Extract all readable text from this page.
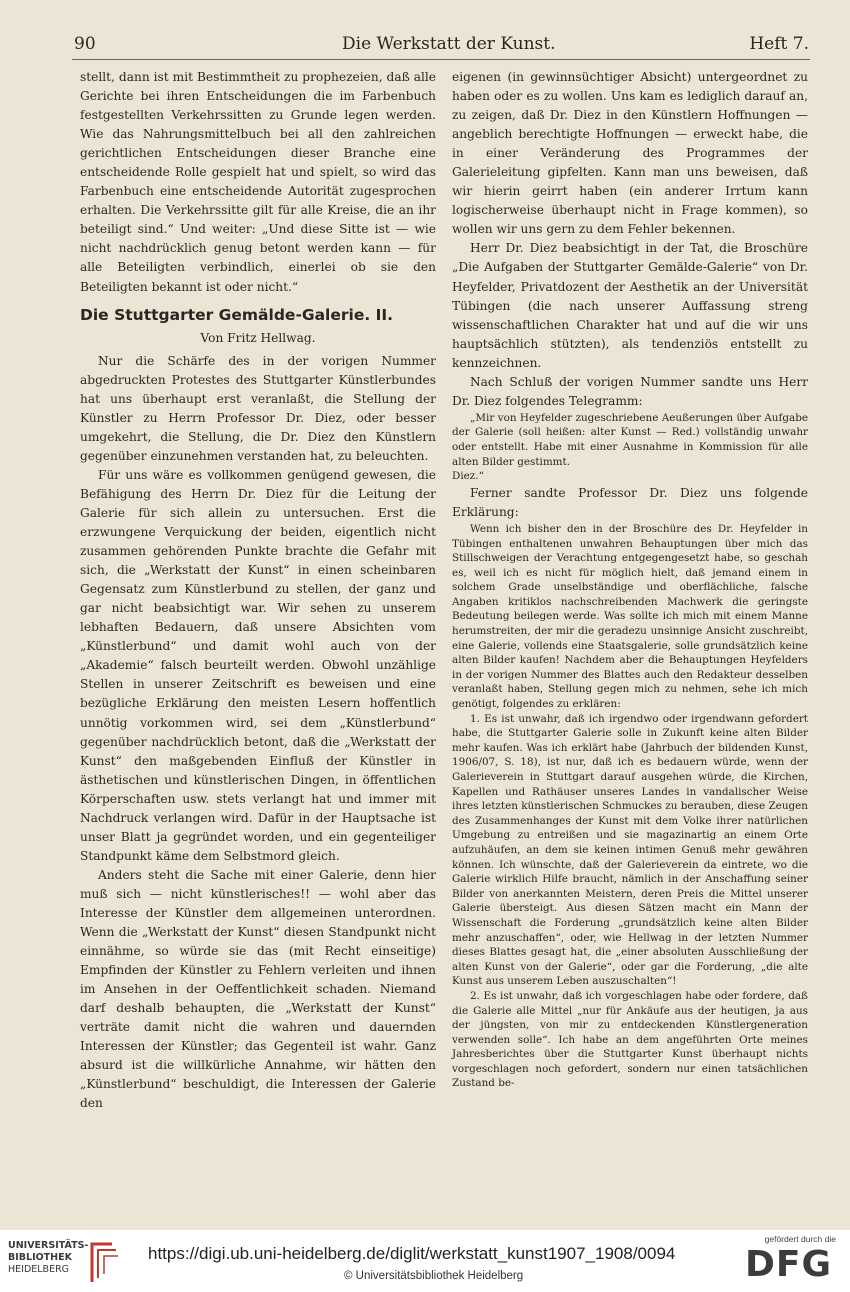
90	Die Werkstatt der Kunst.	Heft 7.

stellt, dann ist mit Bestimmtheit zu prophezeien, daß alle Gerichte bei ihren Entscheidungen die im Farbenbuch festgestellten Verkehrssitten zu Grunde legen werden. Wie das Nahrungsmittelbuch bei all den zahlreichen gerichtlichen Entscheidungen dieser Branche eine entscheidende Rolle gespielt hat und spielt, so wird das Farbenbuch eine entscheidende Autorität zugesprochen erhalten. Die Verkehrssitte gilt für alle Kreise, die an ihr beteiligt sind.“ Und weiter: „Und diese Sitte ist — wie nicht nachdrücklich genug betont werden kann — für alle Beteiligten verbindlich, einerlei ob sie den Beteiligten bekannt ist oder nicht.“

Die Stuttgarter Gemälde-Galerie. II.
Von Fritz Hellwag.

Nur die Schärfe des in der vorigen Nummer abgedruckten Protestes des Stuttgarter Künstlerbundes hat uns überhaupt erst veranlaßt, die Stellung der Künstler zu Herrn Professor Dr. Diez, oder besser umgekehrt, die Stellung, die Dr. Diez den Künstlern gegenüber einzunehmen verstanden hat, zu beleuchten.

Für uns wäre es vollkommen genügend gewesen, die Befähigung des Herrn Dr. Diez für die Leitung der Galerie für sich allein zu untersuchen. Erst die erzwungene Verquickung der beiden, eigentlich nicht zusammen gehörenden Punkte brachte die Gefahr mit sich, die „Werkstatt der Kunst“ in einen scheinbaren Gegensatz zum Künstlerbund zu stellen, der ganz und gar nicht beabsichtigt war. Wir sehen zu unserem lebhaften Bedauern, daß unsere Absichten vom „Künstlerbund“ und damit wohl auch von der „Akademie“ falsch beurteilt werden. Obwohl unzählige Stellen in unserer Zeitschrift es beweisen und eine bezügliche Erklärung den meisten Lesern hoffentlich unnötig vorkommen wird, sei dem „Künstlerbund“ gegenüber nachdrücklich betont, daß die „Werkstatt der Kunst“ den maßgebenden Einfluß der Künstler in ästhetischen und künstlerischen Dingen, in öffentlichen Körperschaften usw. stets verlangt hat und immer mit Nachdruck verlangen wird. Dafür in der Hauptsache ist unser Blatt ja gegründet worden, und ein gegenteiliger Standpunkt käme dem Selbstmord gleich.

Anders steht die Sache mit einer Galerie, denn hier muß sich — nicht künstlerisches!! — wohl aber das Interesse der Künstler dem allgemeinen unterordnen. Wenn die „Werkstatt der Kunst“ diesen Standpunkt nicht einnähme, so würde sie das (mit Recht einseitige) Empfinden der Künstler zu Fehlern verleiten und ihnen im Ansehen in der Oeffentlichkeit schaden. Niemand darf deshalb behaupten, die „Werkstatt der Kunst“ verträte damit nicht die wahren und dauernden Interessen der Künstler; das Gegenteil ist wahr. Ganz absurd ist die willkürliche Annahme, wir hätten den „Künstlerbund“ beschuldigt, die Interessen der Galerie den

eigenen (in gewinnsüchtiger Absicht) untergeordnet zu haben oder es zu wollen. Uns kam es lediglich darauf an, zu zeigen, daß Dr. Diez in den Künstlern Hoffnungen — angeblich berechtigte Hoffnungen — erweckt habe, die in einer Veränderung des Programmes der Galerieleitung gipfelten. Kann man uns beweisen, daß wir hierin geirrt haben (ein anderer Irrtum kann logischerweise überhaupt nicht in Frage kommen), so wollen wir uns gern zu dem Fehler bekennen.

Herr Dr. Diez beabsichtigt in der Tat, die Broschüre „Die Aufgaben der Stuttgarter Gemälde-Galerie“ von Dr. Heyfelder, Privatdozent der Aesthetik an der Universität Tübingen (die nach unserer Auffassung streng wissenschaftlichen Charakter hat und auf die wir uns hauptsächlich stützten), als tendenziös entstellt zu kennzeichnen.

Nach Schluß der vorigen Nummer sandte uns Herr Dr. Diez folgendes Telegramm:

„Mir von Heyfelder zugeschriebene Aeußerungen über Aufgabe der Galerie (soll heißen: alter Kunst — Red.) vollständig unwahr oder entstellt. Habe mit einer Ausnahme in Kommission für alle alten Bilder gestimmt.

Diez.“

Ferner sandte Professor Dr. Diez uns folgende Erklärung:

Wenn ich bisher den in der Broschüre des Dr. Heyfelder in Tübingen enthaltenen unwahren Behauptungen über mich das Stillschweigen der Verachtung entgegengesetzt habe, so geschah es, weil ich es nicht für möglich hielt, daß jemand einem in solchem Grade unselbständige und oberflächliche, falsche Angaben kritiklos nachschreibenden Machwerk die geringste Bedeutung beilegen werde. Was sollte ich mich mit einem Manne herumstreiten, der mir die geradezu unsinnige Ansicht zuschreibt, eine Galerie, vollends eine Staatsgalerie, solle grundsätzlich keine alten Bilder kaufen! Nachdem aber die Behauptungen Heyfelders in der vorigen Nummer des Blattes auch den Redakteur desselben veranlaßt haben, Stellung gegen mich zu nehmen, sehe ich mich genötigt, folgendes zu erklären:

1. Es ist unwahr, daß ich irgendwo oder irgendwann gefordert habe, die Stuttgarter Galerie solle in Zukunft keine alten Bilder mehr kaufen. Was ich erklärt habe (Jahrbuch der bildenden Kunst, 1906/07, S. 18), ist nur, daß ich es bedauern würde, wenn der Galerieverein in Stuttgart darauf ausgehen würde, die Kirchen, Kapellen und Rathäuser unseres Landes in vandalischer Weise ihres letzten künstlerischen Schmuckes zu berauben, diese Zeugen des Zusammenhanges der Kunst mit dem Volke ihrer natürlichen Umgebung zu entreißen und sie magazinartig an einem Orte aufzuhäufen, an dem sie keinen intimen Genuß mehr gewähren können. Ich wünschte, daß der Galerieverein da eintrete, wo die Galerie wirklich Hilfe braucht, nämlich in der Anschaffung seiner Bilder von anerkannten Meistern, deren Preis die Mittel unserer Galerie übersteigt. Aus diesen Sätzen macht ein Mann der Wissenschaft die Forderung „grundsätzlich keine alten Bilder mehr anzuschaffen“, oder, wie Hellwag in der letzten Nummer dieses Blattes gesagt hat, die „einer absoluten Ausschließung der alten Kunst von der Galerie“, oder gar die Forderung, „die alte Kunst aus unserem Leben auszuschalten“!

2. Es ist unwahr, daß ich vorgeschlagen habe oder fordere, daß die Galerie alle Mittel „nur für Ankäufe aus der heutigen, ja aus der jüngsten, von mir zu entdeckenden Künstlergeneration verwenden solle“. Ich habe an dem angeführten Orte meines Jahresberichtes über die Stuttgarter Kunst überhaupt nichts vorgeschlagen noch gefordert, sondern nur einen tatsächlichen Zustand be-

UNIVERSITÄTS-
BIBLIOTHEK
HEIDELBERG
https://digi.ub.uni-heidelberg.de/diglit/werkstatt_kunst1907_1908/0094
© Universitätsbibliothek Heidelberg
gefördert durch die
DFG
